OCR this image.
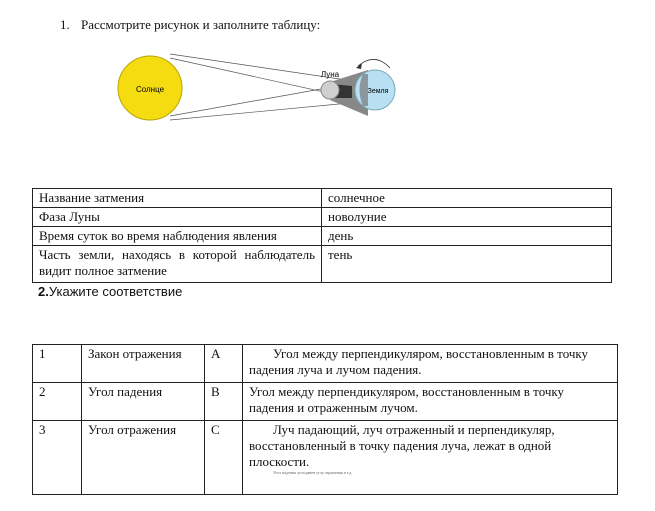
1. Рассмотрите рисунок и заполните таблицу:
Солнце	Земля
Луна
Название затмения	солнечное
Фаза Луны	новолуние
Время суток во время наблюдения явления	день
Часть земли, находясь в которой наблюдатель видит полное затмение	тень
2.Укажите соответствие
1	Закон отражения	А	Угол между перпендикуляром, восстановленным в точку падения луча и лучом падения.
2	Угол падения	В	Угол между перпендикуляром, восстановленным в точку падения и отраженным лучом.
3	Угол отражения	С	Луч падающий, луч отраженный и перпендикуляр, восстановленный в точку падения луча, лежат в одной плоскости.
Угол падения луча равен углу отражения и т.д.
